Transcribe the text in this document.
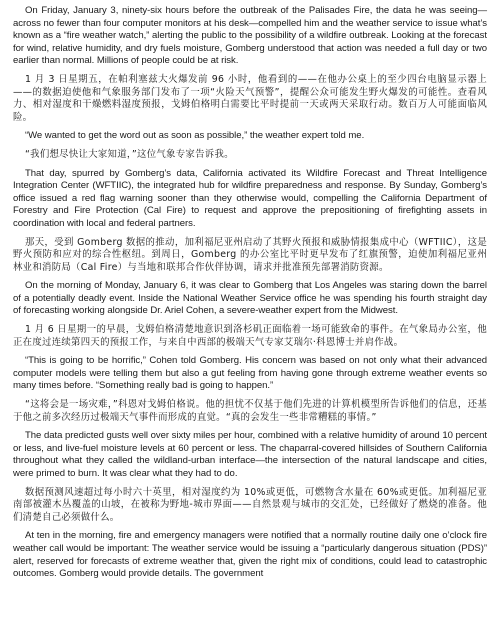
On Friday, January 3, ninety-six hours before the outbreak of the Palisades Fire, the data he was seeing—across no fewer than four computer monitors at his desk—compelled him and the weather service to issue what’s known as a “fire weather watch,” alerting the public to the possibility of a wildfire outbreak. Looking at the forecast for wind, relative humidity, and dry fuels moisture, Gomberg understood that action was needed a full day or two earlier than normal. Millions of people could be at risk.

1 月 3 日星期五，在帕利塞兹大火爆发前 96 小时，他看到的——在他办公桌上的至少四台电脑显示器上——的数据迫使他和气象服务部门发布了一项“火险天气预警”，提醒公众可能发生野火爆发的可能性。查看风力、相对湿度和干燥燃料湿度预报，戈姆伯格明白需要比平时提前一天或两天采取行动。数百万人可能面临风险。

“We wanted to get the word out as soon as possible,” the weather expert told me.

“我们想尽快让大家知道，”这位气象专家告诉我。

That day, spurred by Gomberg’s data, California activated its Wildfire Forecast and Threat Intelligence Integration Center (WFTIIC), the integrated hub for wildfire preparedness and response. By Sunday, Gomberg’s office issued a red flag warning sooner than they otherwise would, compelling the California Department of Forestry and Fire Protection (Cal Fire) to request and approve the prepositioning of firefighting assets in coordination with local and federal partners.

那天，受到 Gomberg 数据的推动，加利福尼亚州启动了其野火预报和威胁情报集成中心（WFTIIC），这是野火预防和应对的综合性枢纽。到周日，Gomberg 的办公室比平时更早发布了红旗预警，迫使加利福尼亚州林业和消防局（Cal Fire）与当地和联邦合作伙伴协调，请求并批准预先部署消防资源。

On the morning of Monday, January 6, it was clear to Gomberg that Los Angeles was staring down the barrel of a potentially deadly event. Inside the National Weather Service office he was spending his fourth straight day of forecasting working alongside Dr. Ariel Cohen, a severe-weather expert from the Midwest.

1 月 6 日星期一的早晨，戈姆伯格清楚地意识到洛杉矶正面临着一场可能致命的事件。在气象局办公室，他正在度过连续第四天的预报工作，与来自中西部的极端天气专家艾瑞尔·科恩博士并肩作战。

“This is going to be horrific,” Cohen told Gomberg. His concern was based on not only what their advanced computer models were telling them but also a gut feeling from having gone through extreme weather events so many times before. “Something really bad is going to happen.”

“这将会是一场灾难，”科恩对戈姆伯格说。他的担忧不仅基于他们先进的计算机模型所告诉他们的信息，还基于他之前多次经历过极端天气事件而形成的直觉。“真的会发生一些非常糟糕的事情。”

The data predicted gusts well over sixty miles per hour, combined with a relative humidity of around 10 percent or less, and live-fuel moisture levels at 60 percent or less. The chaparral-covered hillsides of Southern California throughout what they called the wildland-urban interface—the intersection of the natural landscape and cities, were primed to burn. It was clear what they had to do.

数据预测风速超过每小时六十英里，相对湿度约为 10%或更低，可燃物含水量在 60%或更低。加利福尼亚南部被灌木丛覆盖的山坡，在被称为野地-城市界面——自然景观与城市的交汇处，已经做好了燃烧的准备。他们清楚自己必须做什么。

At ten in the morning, fire and emergency managers were notified that a normally routine daily one o’clock fire weather call would be important: The weather service would be issuing a “particularly dangerous situation (PDS)” alert, reserved for forecasts of extreme weather that, given the right mix of conditions, could lead to catastrophic outcomes. Gomberg would provide details. The government
